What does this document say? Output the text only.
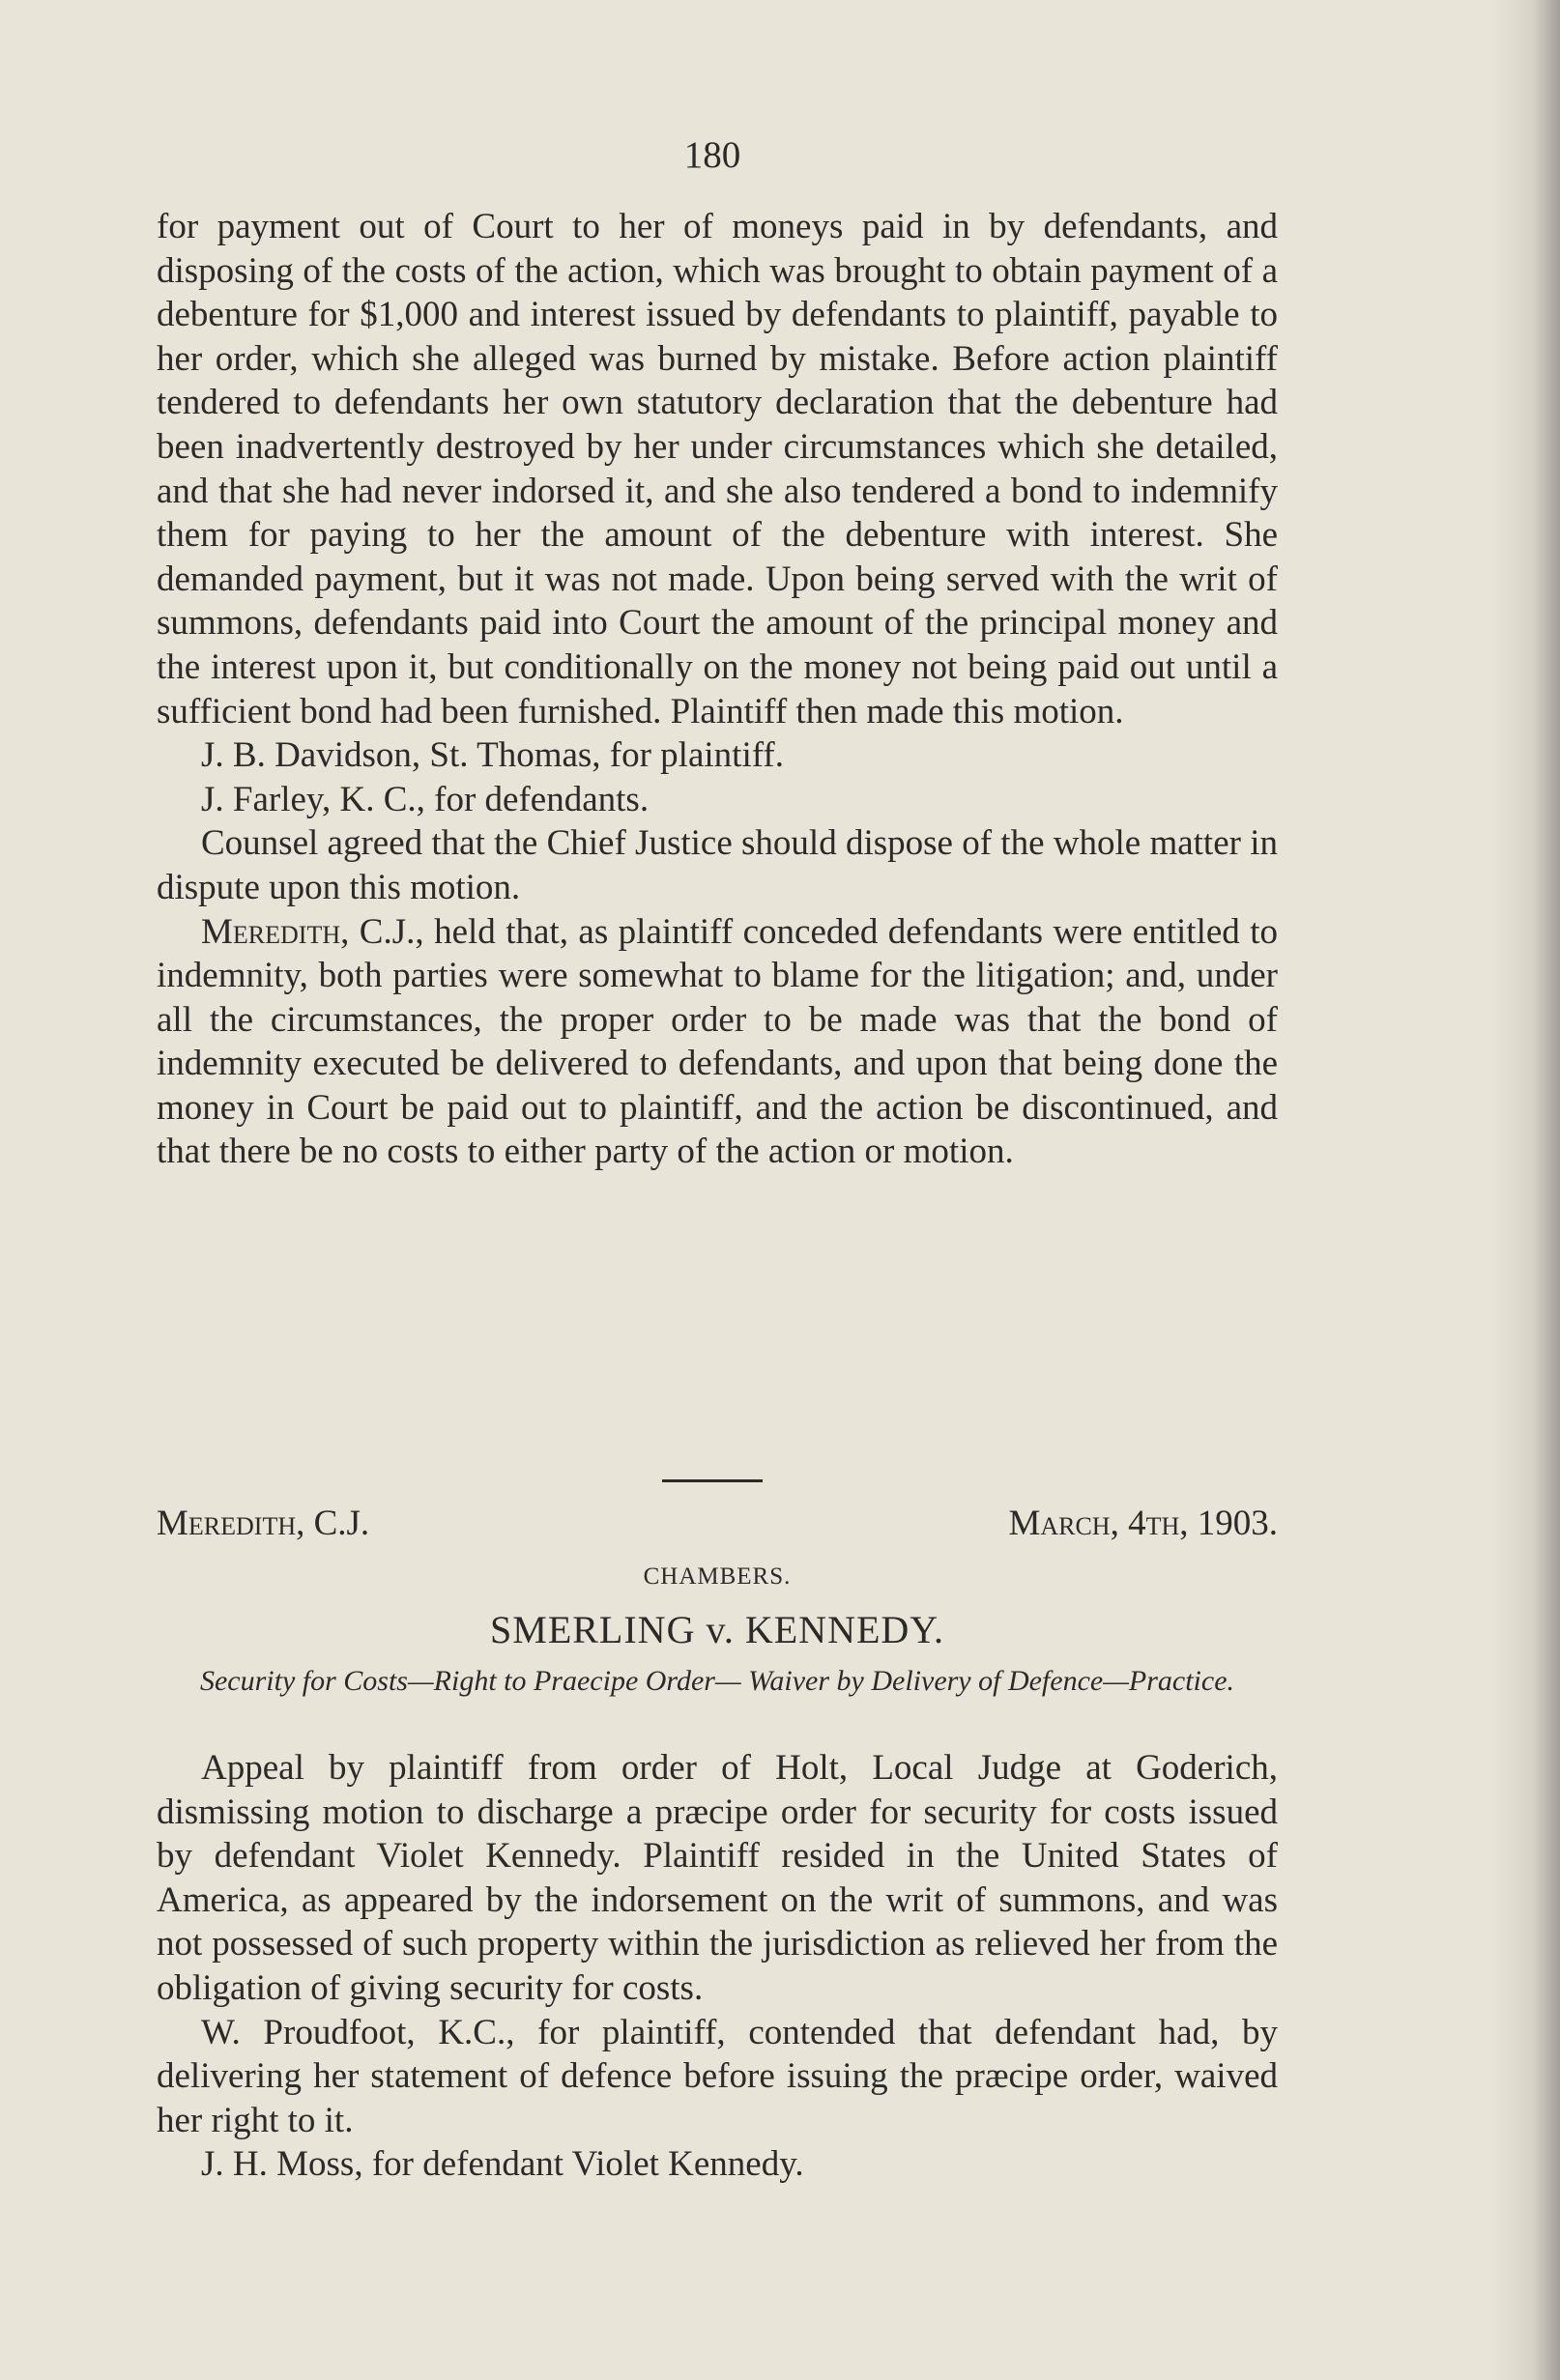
180

for payment out of Court to her of moneys paid in by defendants, and disposing of the costs of the action, which was brought to obtain payment of a debenture for $1,000 and interest issued by defendants to plaintiff, payable to her order, which she alleged was burned by mistake. Before action plaintiff tendered to defendants her own statutory declaration that the debenture had been inadvertently destroyed by her under circumstances which she detailed, and that she had never indorsed it, and she also tendered a bond to indemnify them for paying to her the amount of the debenture with interest. She demanded payment, but it was not made. Upon being served with the writ of summons, defendants paid into Court the amount of the principal money and the interest upon it, but conditionally on the money not being paid out until a sufficient bond had been furnished. Plaintiff then made this motion.

J. B. Davidson, St. Thomas, for plaintiff.

J. Farley, K. C., for defendants.

Counsel agreed that the Chief Justice should dispose of the whole matter in dispute upon this motion.

Meredith, C.J., held that, as plaintiff conceded defendants were entitled to indemnity, both parties were somewhat to blame for the litigation; and, under all the circumstances, the proper order to be made was that the bond of indemnity executed be delivered to defendants, and upon that being done the money in Court be paid out to plaintiff, and the action be discontinued, and that there be no costs to either party of the action or motion.

Meredith, C.J.	March, 4th, 1903.
CHAMBERS.
SMERLING v. KENNEDY.
Security for Costs—Right to Praecipe Order— Waiver by Delivery of Defence—Practice.

Appeal by plaintiff from order of Holt, Local Judge at Goderich, dismissing motion to discharge a præcipe order for security for costs issued by defendant Violet Kennedy. Plaintiff resided in the United States of America, as appeared by the indorsement on the writ of summons, and was not possessed of such property within the jurisdiction as relieved her from the obligation of giving security for costs.

W. Proudfoot, K.C., for plaintiff, contended that defendant had, by delivering her statement of defence before issuing the præcipe order, waived her right to it.

J. H. Moss, for defendant Violet Kennedy.
